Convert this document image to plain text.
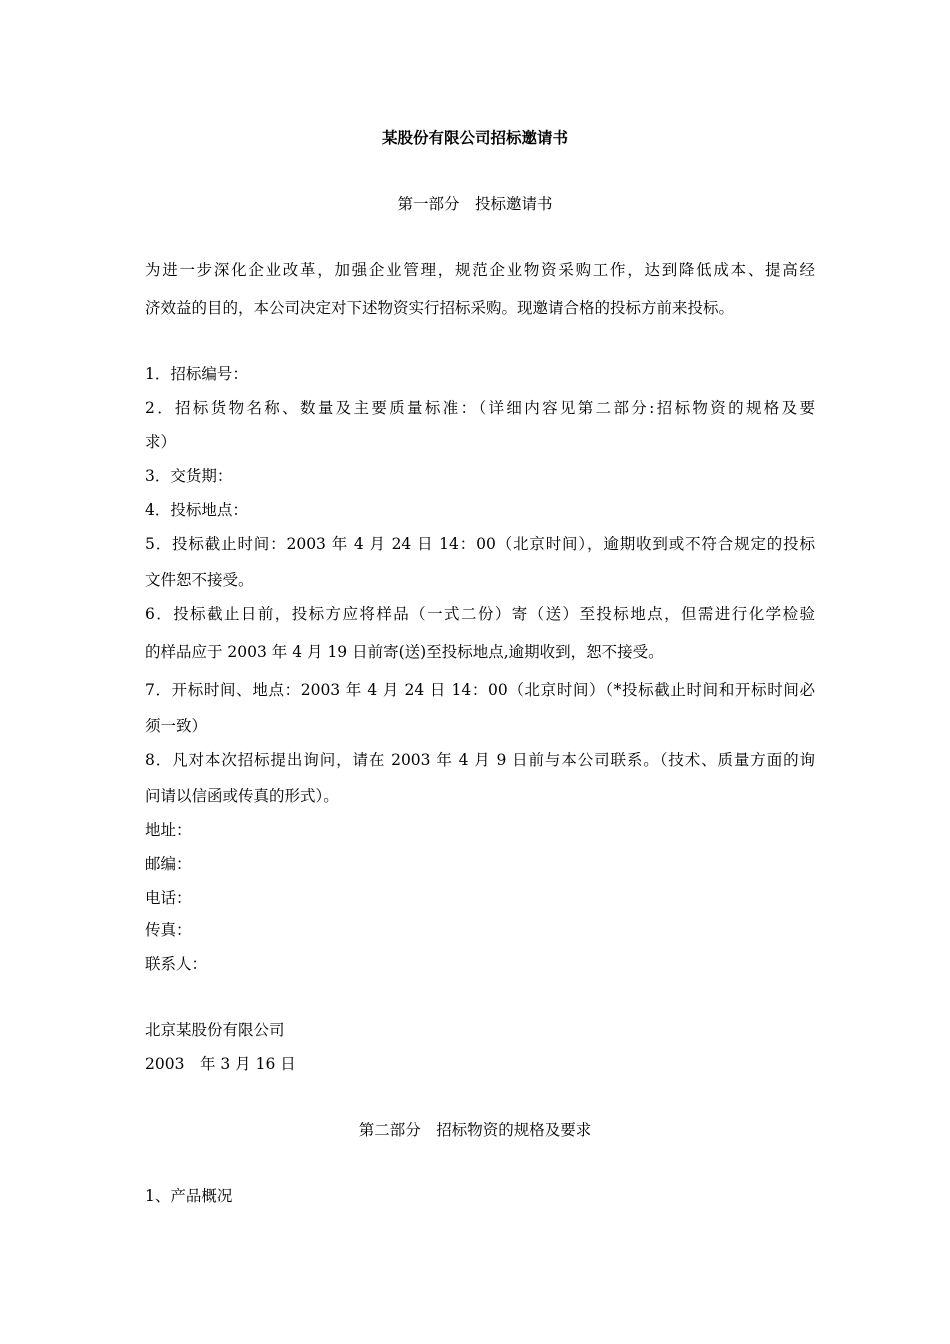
某股份有限公司招标邀请书
第一部分　投标邀请书
为进一步深化企业改革，加强企业管理，规范企业物资采购工作，达到降低成本、提高经
济效益的目的，本公司决定对下述物资实行招标采购。现邀请合格的投标方前来投标。
1．招标编号：
2．招标货物名称、数量及主要质量标准：（详细内容见第二部分:招标物资的规格及要
求）
3．交货期：
4．投标地点：
5．投标截止时间：2003 年 4 月 24 日 14：00（北京时间），逾期收到或不符合规定的投标
文件恕不接受。
6．投标截止日前，投标方应将样品（一式二份）寄（送）至投标地点，但需进行化学检验
的样品应于 2003 年 4 月 19 日前寄(送)至投标地点,逾期收到，恕不接受。
7．开标时间、地点：2003 年 4 月 24 日 14：00（北京时间）（*投标截止时间和开标时间必
须一致）
8．凡对本次招标提出询问，请在 2003 年 4 月 9 日前与本公司联系。（技术、质量方面的询
问请以信函或传真的形式）。
地址：
邮编：
电话：
传真：
联系人：
北京某股份有限公司
2003　年 3 月 16 日
第二部分　招标物资的规格及要求
1、产品概况
